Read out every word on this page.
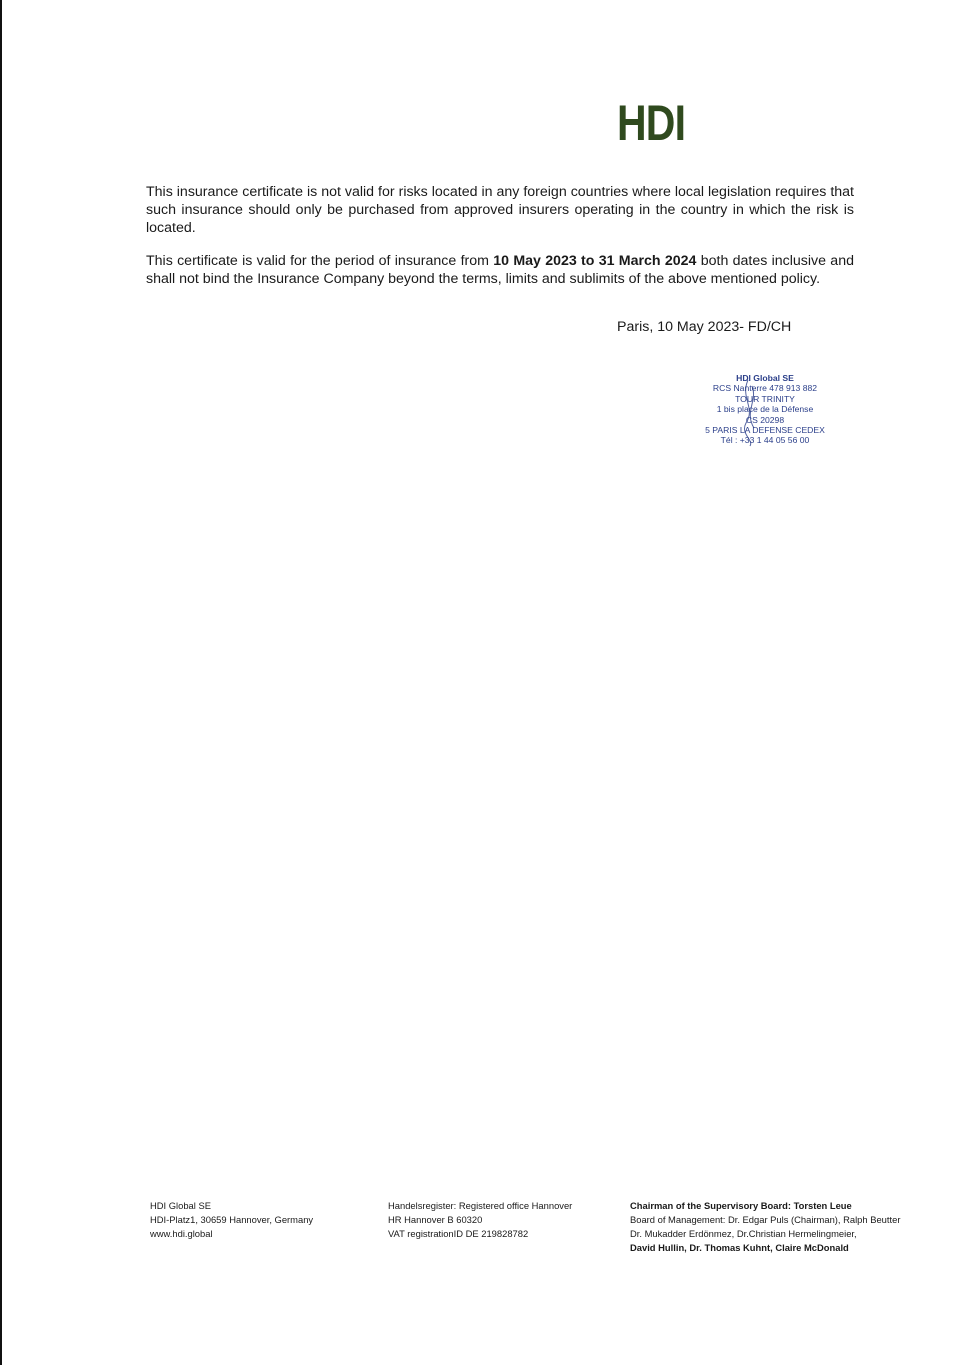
HDI

This insurance certificate is not valid for risks located in any foreign countries where local legislation requires that such insurance should only be purchased from approved insurers operating in the country in which the risk is located.

This certificate is valid for the period of insurance from 10 May 2023 to 31 March 2024 both dates inclusive and shall not bind the Insurance Company beyond the terms, limits and sublimits of the above mentioned policy.

Paris, 10 May 2023- FD/CH
HDI Global SE
RCS Nanterre 478 913 882
TOUR TRINITY
1 bis place de la Défense
CS 20298
5 PARIS LA DEFENSE CEDEX
Tél : +33 1 44 05 56 00
HDI Global SE
HDI-Platz1, 30659 Hannover, Germany
www.hdi.global
Handelsregister: Registered office Hannover
HR Hannover B 60320
VAT registrationID DE 219828782
Chairman of the Supervisory Board: Torsten Leue
Board of Management: Dr. Edgar Puls (Chairman), Ralph Beutter
Dr. Mukadder Erdönmez, Dr.Christian Hermelingmeier,
David Hullin, Dr. Thomas Kuhnt, Claire McDonald
